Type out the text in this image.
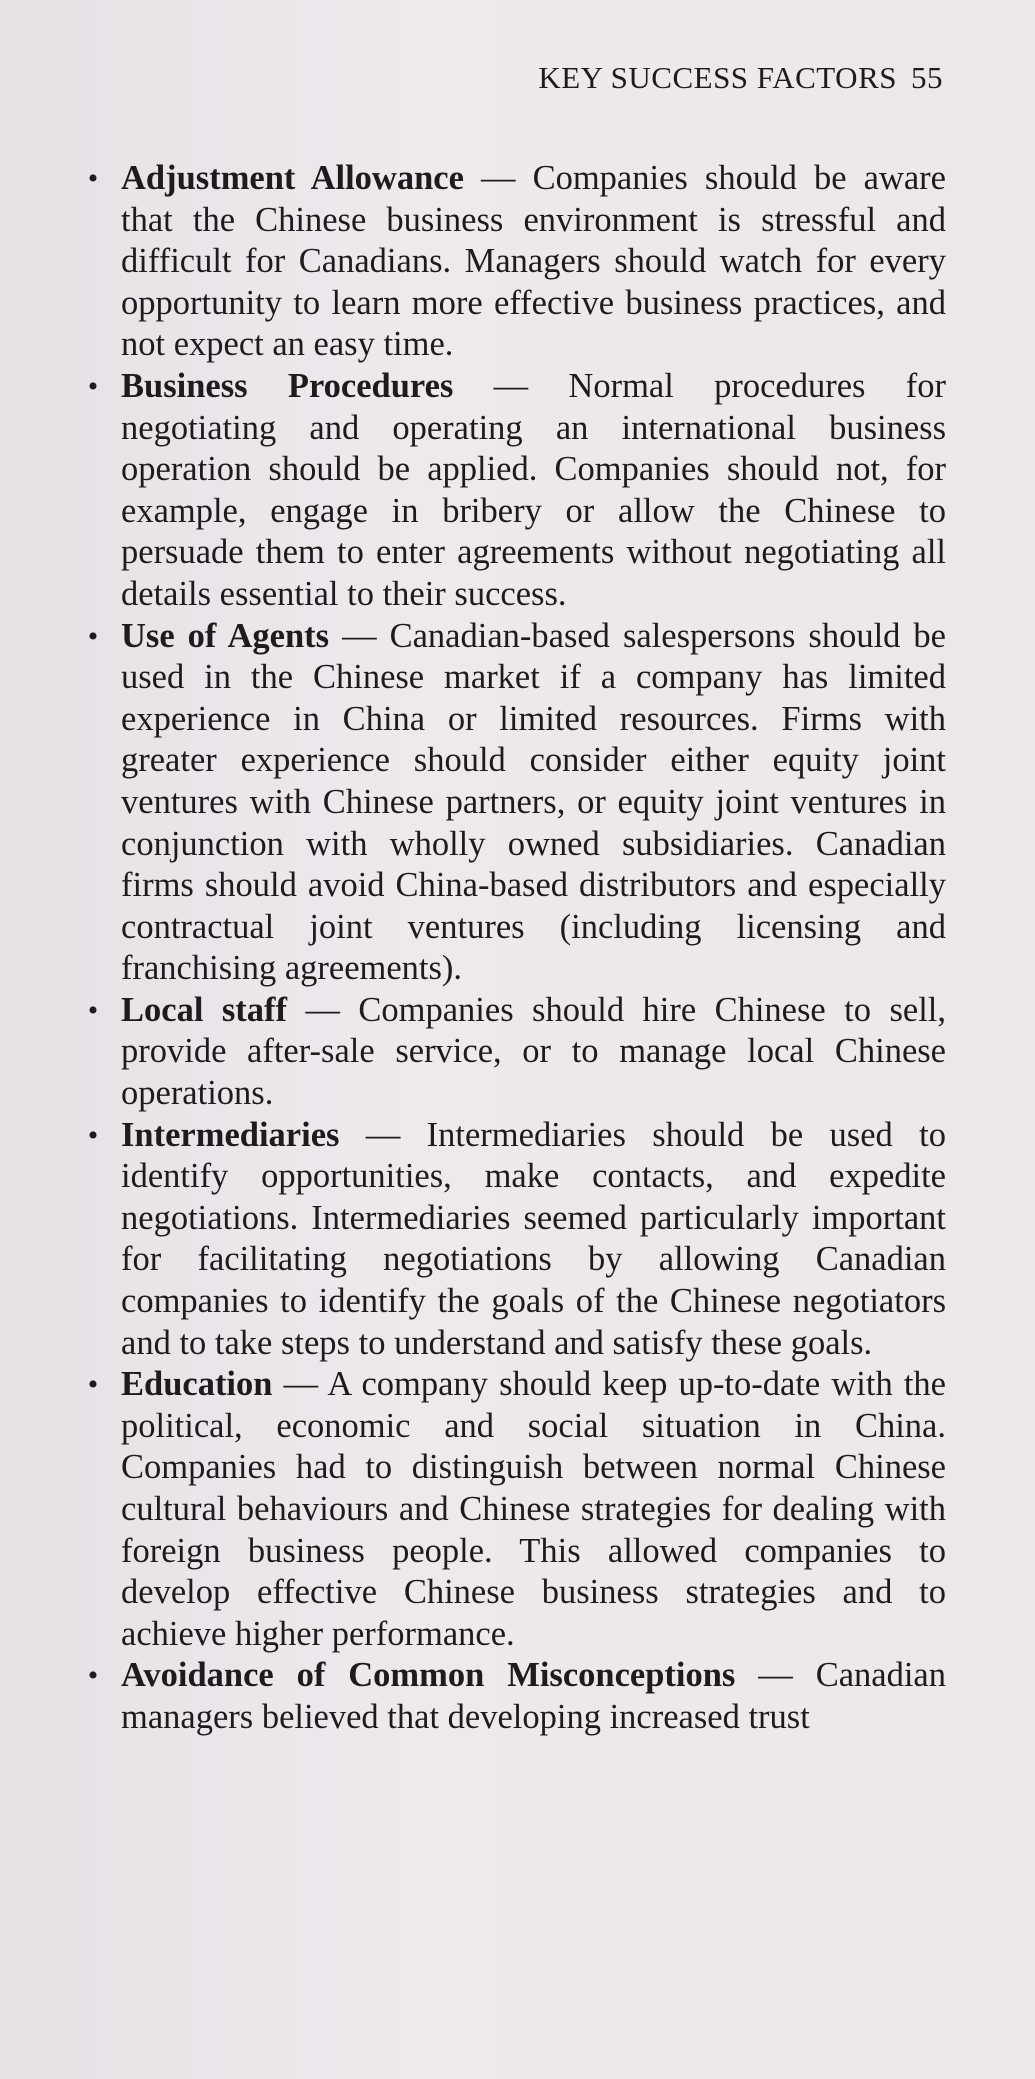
KEY SUCCESS FACTORS 55
• Adjustment Allowance — Companies should be aware that the Chinese business environment is stressful and difficult for Canadians. Managers should watch for every opportunity to learn more effective business practices, and not expect an easy time.
• Business Procedures — Normal procedures for negotiating and operating an international business operation should be applied. Companies should not, for example, engage in bribery or allow the Chinese to persuade them to enter agreements without negotiating all details essential to their success.
• Use of Agents — Canadian-based salespersons should be used in the Chinese market if a company has limited experience in China or limited resources. Firms with greater experience should consider either equity joint ventures with Chinese partners, or equity joint ventures in conjunction with wholly owned subsidiaries. Canadian firms should avoid China-based distributors and especially contractual joint ventures (including licensing and franchising agreements).
• Local staff — Companies should hire Chinese to sell, provide after-sale service, or to manage local Chinese operations.
• Intermediaries — Intermediaries should be used to identify opportunities, make contacts, and expedite negotiations. Intermediaries seemed particularly important for facilitating negotiations by allowing Canadian companies to identify the goals of the Chinese negotiators and to take steps to understand and satisfy these goals.
• Education — A company should keep up-to-date with the political, economic and social situation in China. Companies had to distinguish between normal Chinese cultural behaviours and Chinese strategies for dealing with foreign business people. This allowed companies to develop effective Chinese business strategies and to achieve higher performance.
• Avoidance of Common Misconceptions — Canadian managers believed that developing increased trust
